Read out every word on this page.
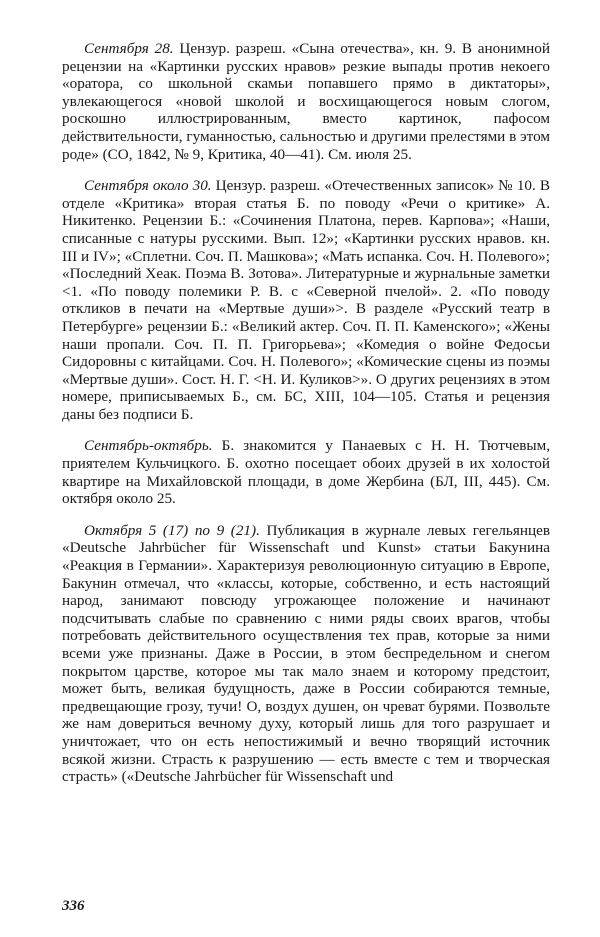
Сентября 28. Цензур. разреш. «Сына отечества», кн. 9. В анонимной рецензии на «Картинки русских нравов» резкие выпады против некоего «оратора, со школьной скамьи попавшего прямо в диктаторы», увлекающегося «новой школой и восхищающегося новым слогом, роскошно иллюстрированным, вместо картинок, пафосом действительности, гуманностью, сальностью и другими прелестями в этом роде» (СО, 1842, № 9, Критика, 40—41). См. июля 25.

Сентября около 30. Цензур. разреш. «Отечественных записок» № 10. В отделе «Критика» вторая статья Б. по поводу «Речи о критике» А. Никитенко. Рецензии Б.: «Сочинения Платона, перев. Карпова»; «Наши, списанные с натуры русскими. Вып. 12»; «Картинки русских нравов. кн. III и IV»; «Сплетни. Соч. П. Машкова»; «Мать испанка. Соч. Н. Полевого»; «Последний Хеак. Поэма В. Зотова». Литературные и журнальные заметки <1. «По поводу полемики Р. В. с «Северной пчелой». 2. «По поводу откликов в печати на «Мертвые души»>. В разделе «Русский театр в Петербурге» рецензии Б.: «Великий актер. Соч. П. П. Каменского»; «Жены наши пропали. Соч. П. П. Григорьева»; «Комедия о войне Федосьи Сидоровны с китайцами. Соч. Н. Полевого»; «Комические сцены из поэмы «Мертвые души». Сост. Н. Г. <Н. И. Куликов>». О других рецензиях в этом номере, приписываемых Б., см. БС, XIII, 104—105. Статья и рецензия даны без подписи Б.

Сентябрь-октябрь. Б. знакомится у Панаевых с Н. Н. Тютчевым, приятелем Кульчицкого. Б. охотно посещает обоих друзей в их холостой квартире на Михайловской площади, в доме Жербина (БЛ, III, 445). См. октября около 25.

Октября 5 (17) по 9 (21). Публикация в журнале левых гегельянцев «Deutsche Jahrbücher für Wissenschaft und Kunst» статьи Бакунина «Реакция в Германии». Характеризуя революционную ситуацию в Европе, Бакунин отмечал, что «классы, которые, собственно, и есть настоящий народ, занимают повсюду угрожающее положение и начинают подсчитывать слабые по сравнению с ними ряды своих врагов, чтобы потребовать действительного осуществления тех прав, которые за ними всеми уже признаны. Даже в России, в этом беспредельном и снегом покрытом царстве, которое мы так мало знаем и которому предстоит, может быть, великая будущность, даже в России собираются темные, предвещающие грозу, тучи! О, воздух душен, он чреват бурями. Позвольте же нам довериться вечному духу, который лишь для того разрушает и уничтожает, что он есть непостижимый и вечно творящий источник всякой жизни. Страсть к разрушению — есть вместе с тем и творческая страсть» («Deutsche Jahrbücher für Wissenschaft und

336
